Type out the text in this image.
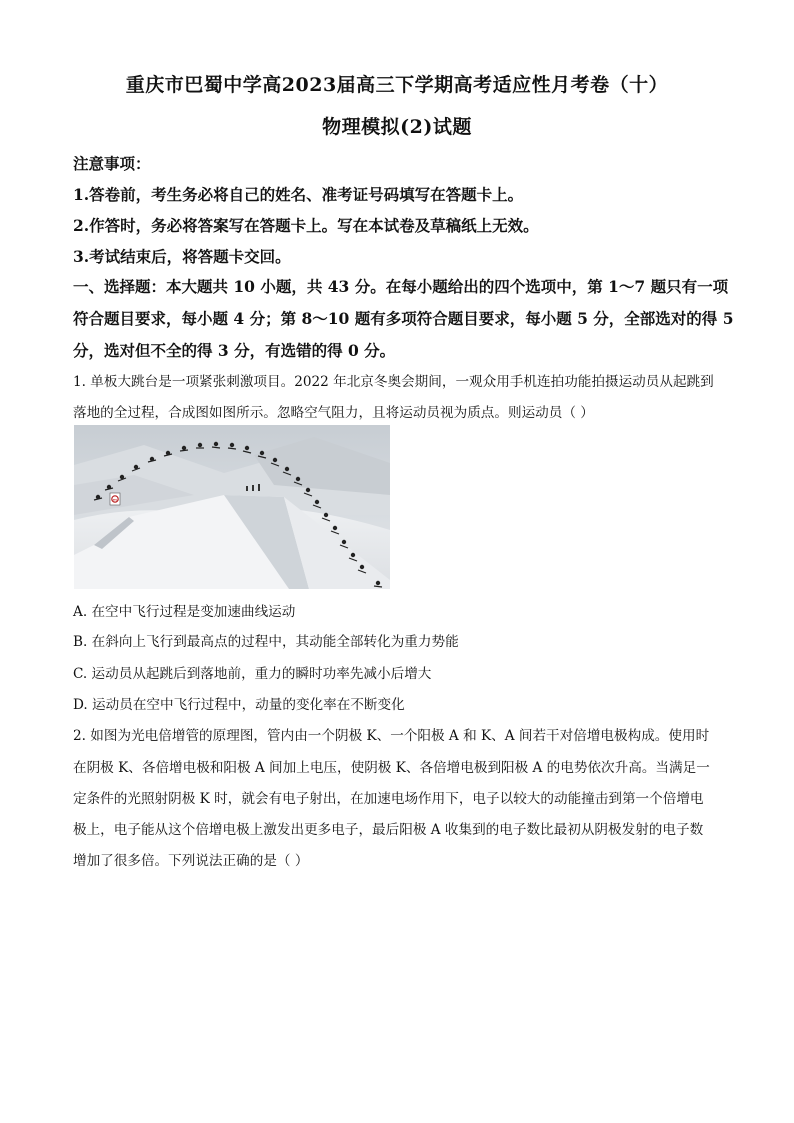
重庆市巴蜀中学高2023届高三下学期高考适应性月考卷（十）
物理模拟(2)试题
注意事项：
1.答卷前，考生务必将自己的姓名、准考证号码填写在答题卡上。
2.作答时，务必将答案写在答题卡上。写在本试卷及草稿纸上无效。
3.考试结束后，将答题卡交回。
一、选择题：本大题共 10 小题，共 43 分。在每小题给出的四个选项中，第 1～7 题只有一项
符合题目要求，每小题 4 分；第 8～10 题有多项符合题目要求，每小题 5 分，全部选对的得 5
分，选对但不全的得 3 分，有选错的得 0 分。
1. 单板大跳台是一项紧张刺激项目。2022 年北京冬奥会期间，一观众用手机连拍功能拍摄运动员从起跳到
落地的全过程，合成图如图所示。忽略空气阻力，且将运动员视为质点。则运动员（ ）
m
A. 在空中飞行过程是变加速曲线运动
B. 在斜向上飞行到最高点的过程中，其动能全部转化为重力势能
C. 运动员从起跳后到落地前，重力的瞬时功率先减小后增大
D. 运动员在空中飞行过程中，动量的变化率在不断变化
2. 如图为光电倍增管的原理图，管内由一个阴极 K、一个阳极 A 和 K、A 间若干对倍增电极构成。使用时
在阴极 K、各倍增电极和阳极 A 间加上电压，使阴极 K、各倍增电极到阳极 A 的电势依次升高。当满足一
定条件的光照射阴极 K 时，就会有电子射出，在加速电场作用下，电子以较大的动能撞击到第一个倍增电
极上，电子能从这个倍增电极上激发出更多电子，最后阳极 A 收集到的电子数比最初从阴极发射的电子数
增加了很多倍。下列说法正确的是（ ）
